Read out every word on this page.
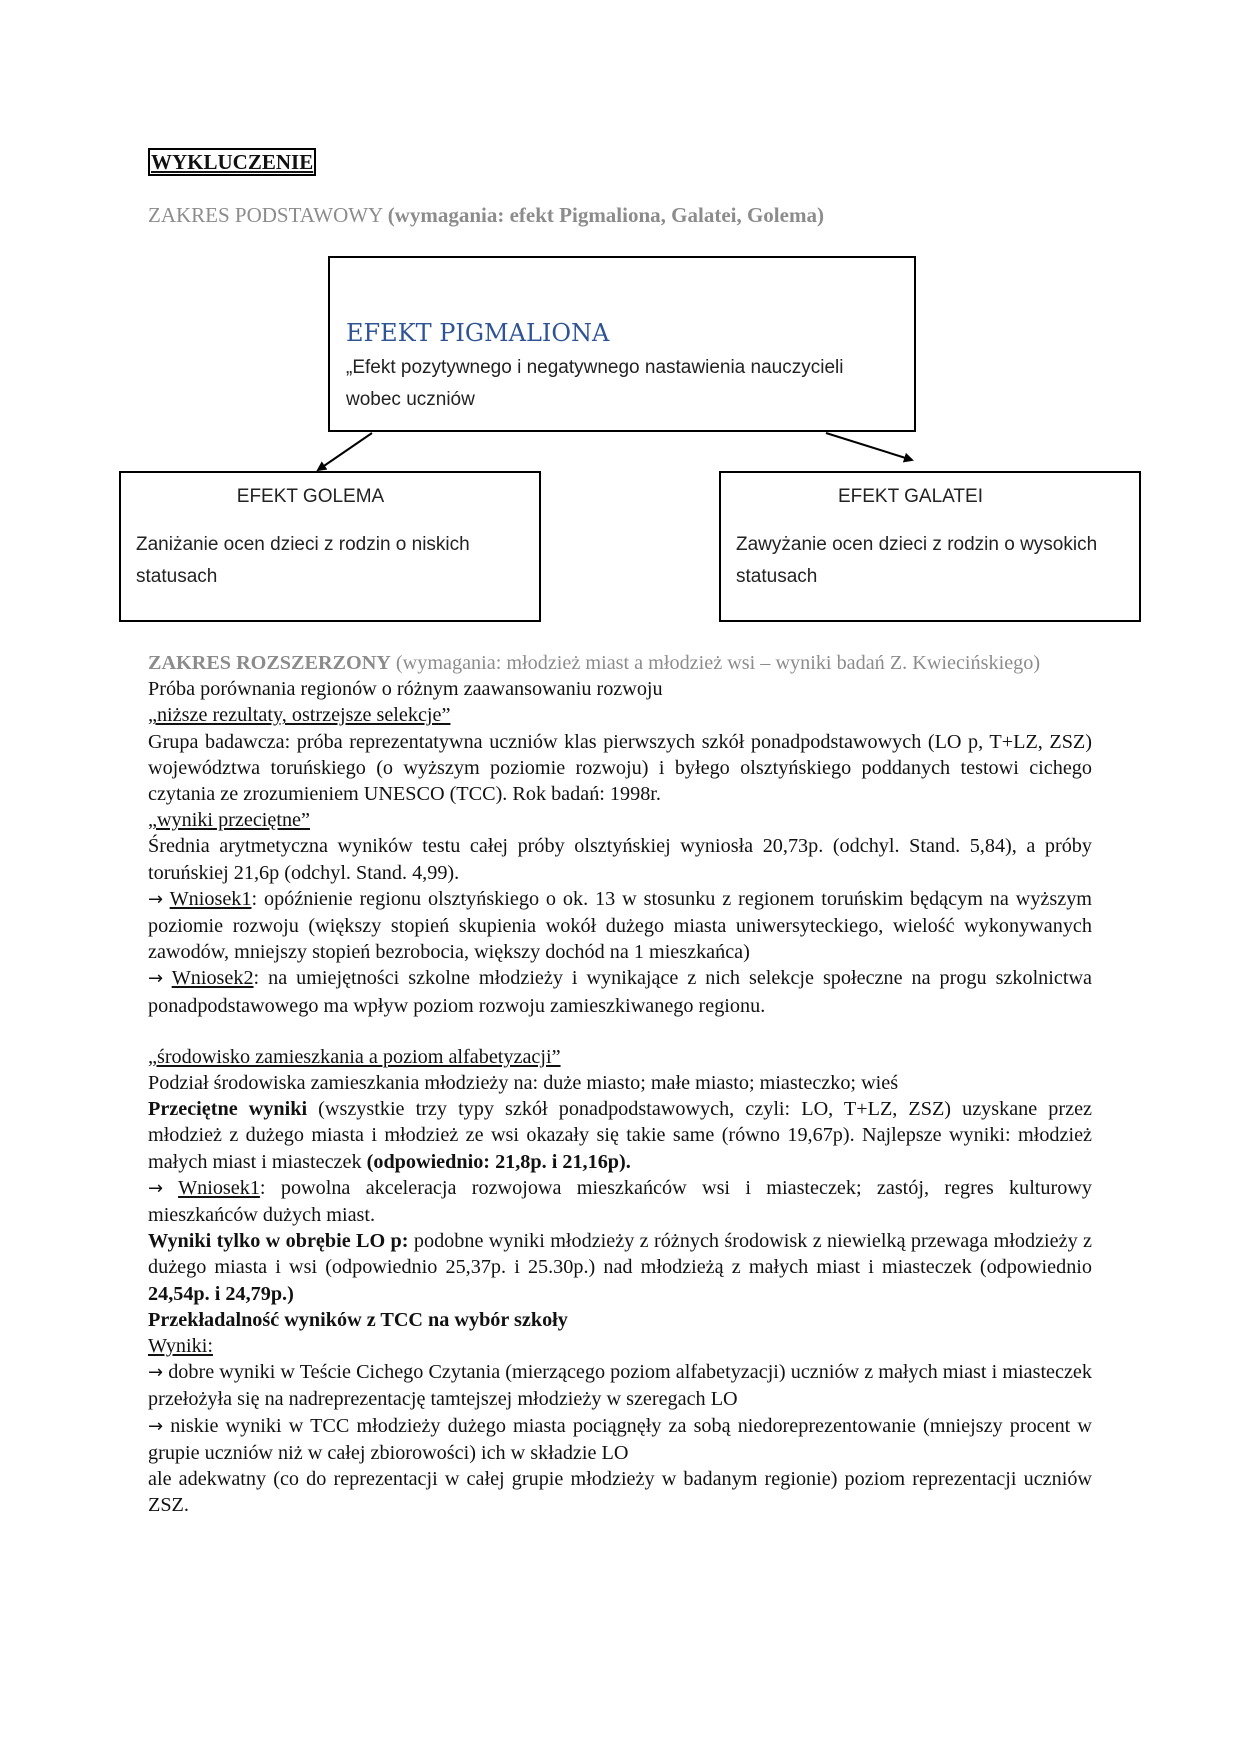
WYKLUCZENIE
ZAKRES PODSTAWOWY (wymagania: efekt Pigmaliona, Galatei, Golema)
EFEKT PIGMALIONA
„Efekt pozytywnego i negatywnego nastawienia nauczycieli wobec uczniów
EFEKT GOLEMA
Zaniżanie ocen dzieci z rodzin o niskich statusach
EFEKT GALATEI
Zawyżanie ocen dzieci z rodzin o wysokich statusach

ZAKRES ROZSZERZONY (wymagania: młodzież miast a młodzież wsi – wyniki badań Z. Kwiecińskiego)

Próba porównania regionów o różnym zaawansowaniu rozwoju

„niższe rezultaty, ostrzejsze selekcje”

Grupa badawcza: próba reprezentatywna uczniów klas pierwszych szkół ponadpodstawowych (LO p, T+LZ, ZSZ) województwa toruńskiego (o wyższym poziomie rozwoju) i byłego olsztyńskiego poddanych testowi cichego czytania ze zrozumieniem UNESCO (TCC). Rok badań: 1998r.

„wyniki przeciętne”

Średnia arytmetyczna wyników testu całej próby olsztyńskiej wyniosła 20,73p. (odchyl. Stand. 5,84), a próby toruńskiej 21,6p (odchyl. Stand. 4,99).

→ Wniosek1: opóźnienie regionu olsztyńskiego o ok. 13 w stosunku z regionem toruńskim będącym na wyższym poziomie rozwoju (większy stopień skupienia wokół dużego miasta uniwersyteckiego, wielość wykonywanych zawodów, mniejszy stopień bezrobocia, większy dochód na 1 mieszkańca)

→ Wniosek2: na umiejętności szkolne młodzieży i wynikające z nich selekcje społeczne na progu szkolnictwa ponadpodstawowego ma wpływ poziom rozwoju zamieszkiwanego regionu.

„środowisko zamieszkania a poziom alfabetyzacji”

Podział środowiska zamieszkania młodzieży na: duże miasto; małe miasto; miasteczko; wieś

Przeciętne wyniki (wszystkie trzy typy szkół ponadpodstawowych, czyli: LO, T+LZ, ZSZ) uzyskane przez młodzież z dużego miasta i młodzież ze wsi okazały się takie same (równo 19,67p). Najlepsze wyniki: młodzież małych miast i miasteczek (odpowiednio: 21,8p. i 21,16p).

→ Wniosek1: powolna akceleracja rozwojowa mieszkańców wsi i miasteczek; zastój, regres kulturowy mieszkańców dużych miast.

Wyniki tylko w obrębie LO p: podobne wyniki młodzieży z różnych środowisk z niewielką przewaga młodzieży z dużego miasta i wsi (odpowiednio 25,37p. i 25.30p.) nad młodzieżą z małych miast i miasteczek (odpowiednio 24,54p. i 24,79p.)

Przekładalność wyników z TCC na wybór szkoły

Wyniki:

→ dobre wyniki w Teście Cichego Czytania (mierzącego poziom alfabetyzacji) uczniów z małych miast i miasteczek przełożyła się na nadreprezentację tamtejszej młodzieży w szeregach LO

→ niskie wyniki w TCC młodzieży dużego miasta pociągnęły za sobą niedoreprezentowanie (mniejszy procent w grupie uczniów niż w całej zbiorowości) ich w składzie LO

ale adekwatny (co do reprezentacji w całej grupie młodzieży w badanym regionie) poziom reprezentacji uczniów ZSZ.
